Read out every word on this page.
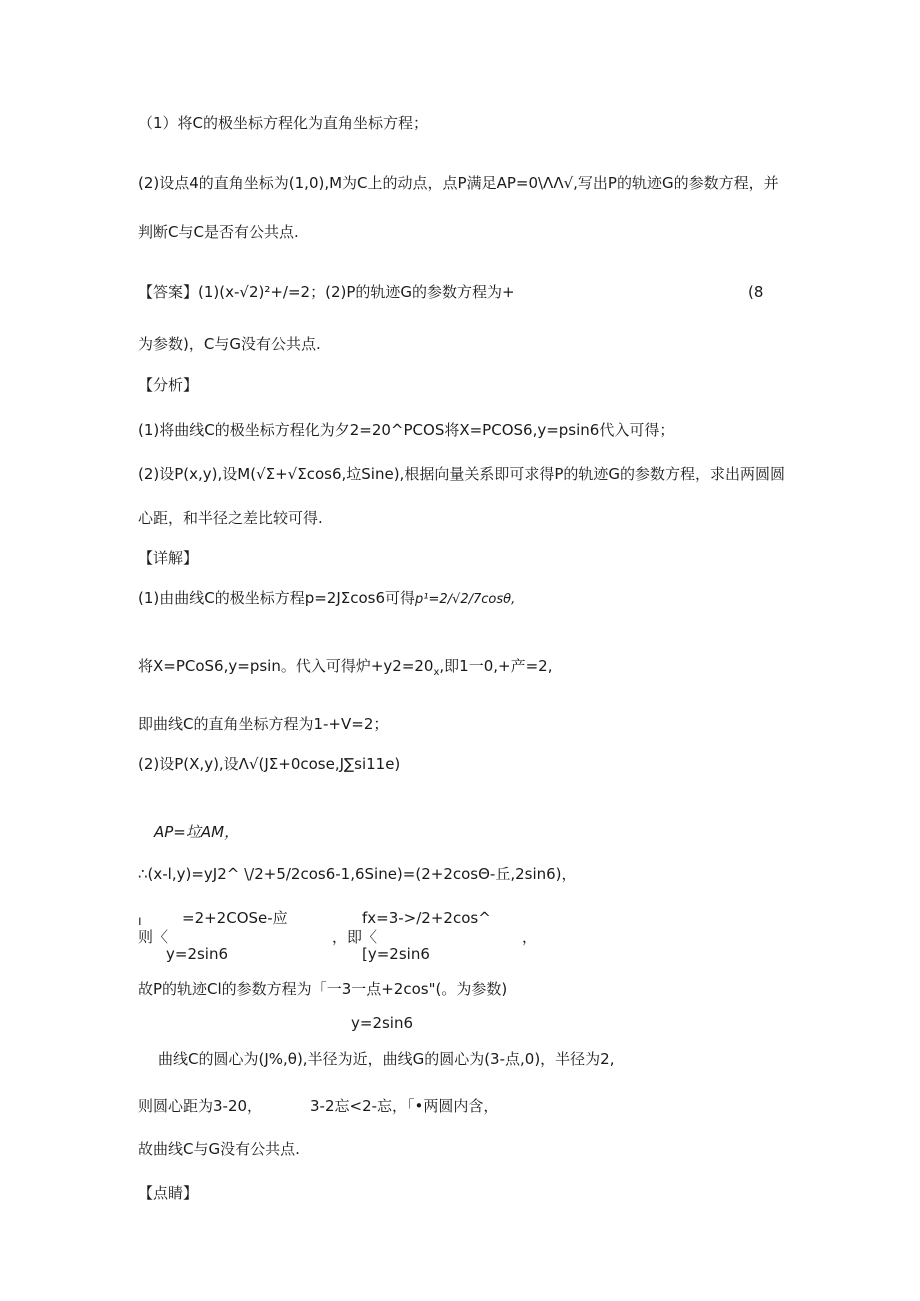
（1）将C的极坐标方程化为直角坐标方程；
(2)设点4的直角坐标为(1,0),M为C上的动点，点P满足AP=0\ΛΛ√,写出P的轨迹G的参数方程，并
判断C与C是否有公共点.
【答案】(1)(x-√2)²+/=2；(2)P的轨迹G的参数方程为+	(8
为参数)，C与G没有公共点.
【分析】
(1)将曲线C的极坐标方程化为夕2=20^PCOS将X=PCOS6,y=psin6代入可得；
(2)设P(x,y),设M(√Σ+√Σcos6,垃Sine),根据向量关系即可求得P的轨迹G的参数方程，求出两圆圆
心距，和半径之差比较可得.
【详解】
(1)由曲线C的极坐标方程p=2JΣcos6可得p¹=2∕√2∕7cosθ,
将X=PCoS6,y=psin。代入可得炉$+y2=20_x$,即1一0,+产=2,
即曲线C的直角坐标方程为1-+V=2；
(2)设P(X,y),设Λ√(JΣ+0cose,J∑si11e)
AP=垃AM，
∴(x-l,y)=yJ2^ \/2+5/2cos6-1,6Sine)=(2+2cosΘ-丘,2sin6)，
ı	=2+2COSe-应	fx=3->∕2+2cos^
则〈	，即〈	，
y=2sin6	[y=2sin6
故P的轨迹Cl的参数方程为「一3一点+2cos"(。为参数)
y=2sin6
曲线C的圆心为(J%,θ),半径为近，曲线G的圆心为(3-点,0)，半径为2,
则圆心距为3-20，	3-2忘<2-忘，「•两圆内含，
故曲线C与G没有公共点.
【点睛】
